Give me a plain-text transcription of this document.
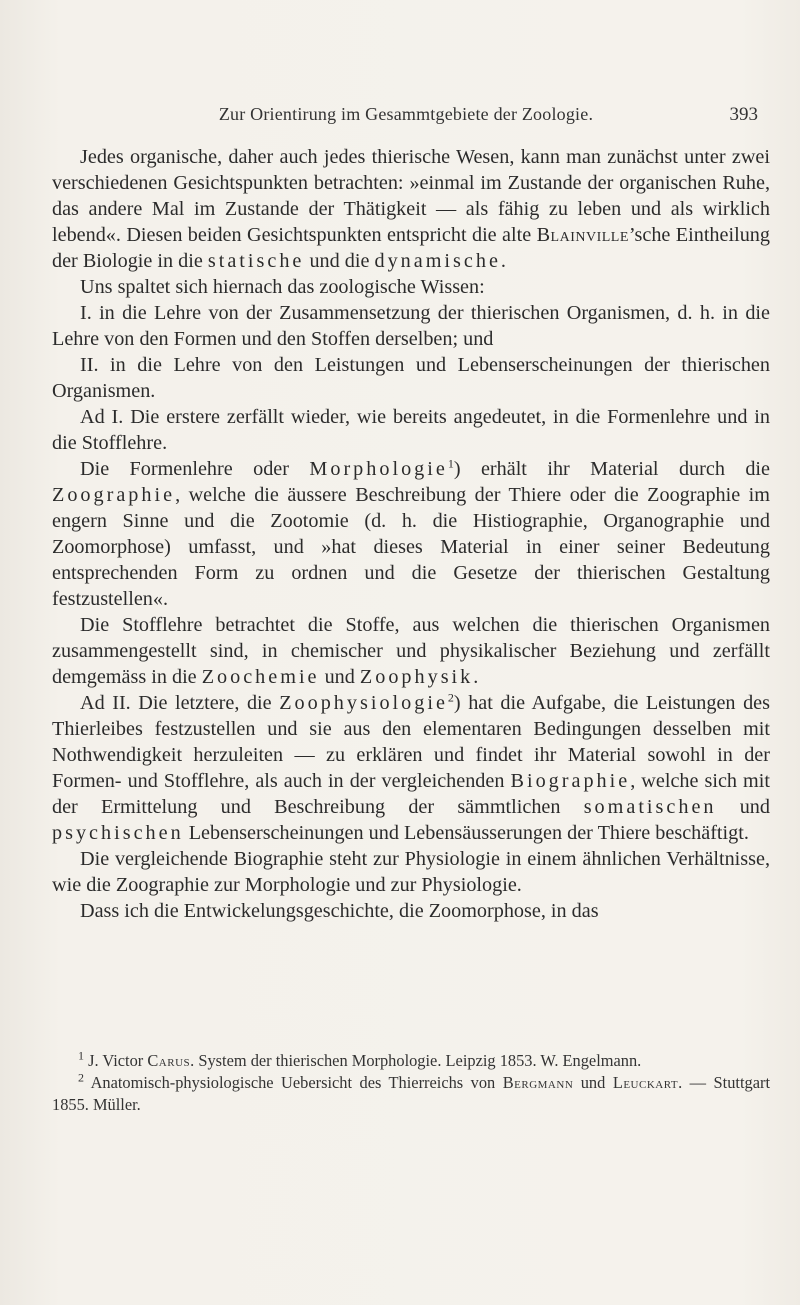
Zur Orientirung im Gesammtgebiete der Zoologie.	393

Jedes organische, daher auch jedes thierische Wesen, kann man zunächst unter zwei verschiedenen Gesichtspunkten betrachten: »einmal im Zustande der organischen Ruhe, das andere Mal im Zustande der Thätigkeit — als fähig zu leben und als wirklich lebend«. Diesen beiden Gesichtspunkten entspricht die alte Blainville’sche Eintheilung der Biologie in die statische und die dynamische.

Uns spaltet sich hiernach das zoologische Wissen:

I. in die Lehre von der Zusammensetzung der thierischen Organismen, d. h. in die Lehre von den Formen und den Stoffen derselben; und

II. in die Lehre von den Leistungen und Lebenserscheinungen der thierischen Organismen.

Ad I. Die erstere zerfällt wieder, wie bereits angedeutet, in die Formenlehre und in die Stofflehre.

Die Formenlehre oder Morphologie$^1$) erhält ihr Material durch die Zoographie, welche die äussere Beschreibung der Thiere oder die Zoographie im engern Sinne und die Zootomie (d. h. die Histiographie, Organographie und Zoomorphose) umfasst, und »hat dieses Material in einer seiner Bedeutung entsprechenden Form zu ordnen und die Gesetze der thierischen Gestaltung festzustellen«.

Die Stofflehre betrachtet die Stoffe, aus welchen die thierischen Organismen zusammengestellt sind, in chemischer und physikalischer Beziehung und zerfällt demgemäss in die Zoochemie und Zoophysik.

Ad II. Die letztere, die Zoophysiologie$^2$) hat die Aufgabe, die Leistungen des Thierleibes festzustellen und sie aus den elementaren Bedingungen desselben mit Nothwendigkeit herzuleiten — zu erklären und findet ihr Material sowohl in der Formen- und Stofflehre, als auch in der vergleichenden Biographie, welche sich mit der Ermittelung und Beschreibung der sämmtlichen somatischen und psychischen Lebenserscheinungen und Lebensäusserungen der Thiere beschäftigt.

Die vergleichende Biographie steht zur Physiologie in einem ähnlichen Verhältnisse, wie die Zoographie zur Morphologie und zur Physiologie.

Dass ich die Entwickelungsgeschichte, die Zoomorphose, in das

$^1$ J. Victor Carus. System der thierischen Morphologie. Leipzig 1853. W. Engelmann.

$^2$ Anatomisch-physiologische Uebersicht des Thierreichs von Bergmann und Leuckart. — Stuttgart 1855. Müller.
